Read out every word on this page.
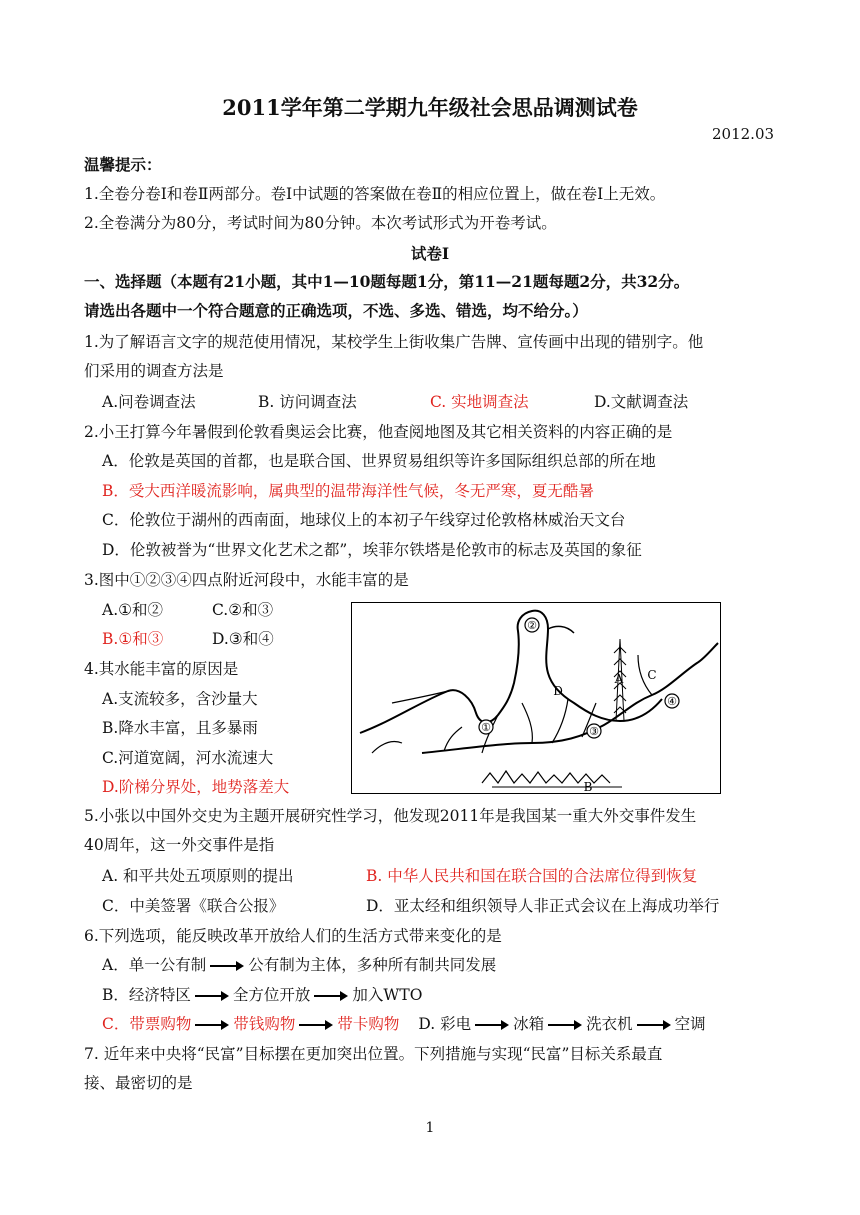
2011学年第二学期九年级社会思品调测试卷
2012.03
温馨提示：
1.全卷分卷Ⅰ和卷Ⅱ两部分。卷Ⅰ中试题的答案做在卷Ⅱ的相应位置上，做在卷Ⅰ上无效。
2.全卷满分为80分，考试时间为80分钟。本次考试形式为开卷考试。
试卷Ⅰ
一、选择题（本题有21小题，其中1—10题每题1分，第11—21题每题2分，共32分。
请选出各题中一个符合题意的正确选项，不选、多选、错选，均不给分。）
1.为了解语言文字的规范使用情况，某校学生上街收集广告牌、宣传画中出现的错别字。他
们采用的调查方法是
A.问卷调查法	B. 访问调查法	C. 实地调查法	D.文献调查法
2.小王打算今年暑假到伦敦看奥运会比赛，他查阅地图及其它相关资料的内容正确的是
A．伦敦是英国的首都，也是联合国、世界贸易组织等许多国际组织总部的所在地
B．受大西洋暖流影响，属典型的温带海洋性气候，冬无严寒，夏无酷暑
C．伦敦位于湖州的西南面，地球仪上的本初子午线穿过伦敦格林威治天文台
D．伦敦被誉为“世界文化艺术之都”，埃菲尔铁塔是伦敦市的标志及英国的象征
3.图中①②③④四点附近河段中，水能丰富的是
A.①和②	C.②和③
B.①和③	D.③和④
4.其水能丰富的原因是
A.支流较多，含沙量大
B.降水丰富，且多暴雨
C.河道宽阔，河水流速大
D.阶梯分界处，地势落差大
①
②
③
④
A
B
C
D
5.小张以中国外交史为主题开展研究性学习，他发现2011年是我国某一重大外交事件发生
40周年，这一外交事件是指
A. 和平共处五项原则的提出	B. 中华人民共和国在联合国的合法席位得到恢复
C．中美签署《联合公报》	D．亚太经和组织领导人非正式会议在上海成功举行
6.下列选项，能反映改革开放给人们的生活方式带来变化的是
A．单一公有制	公有制为主体，多种所有制共同发展
B．经济特区	全方位开放	加入WTO
C．带票购物	带钱购物	带卡购物 D. 彩电	冰箱	洗衣机	空调
7. 近年来中央将“民富”目标摆在更加突出位置。下列措施与实现“民富”目标关系最直
接、最密切的是
1
